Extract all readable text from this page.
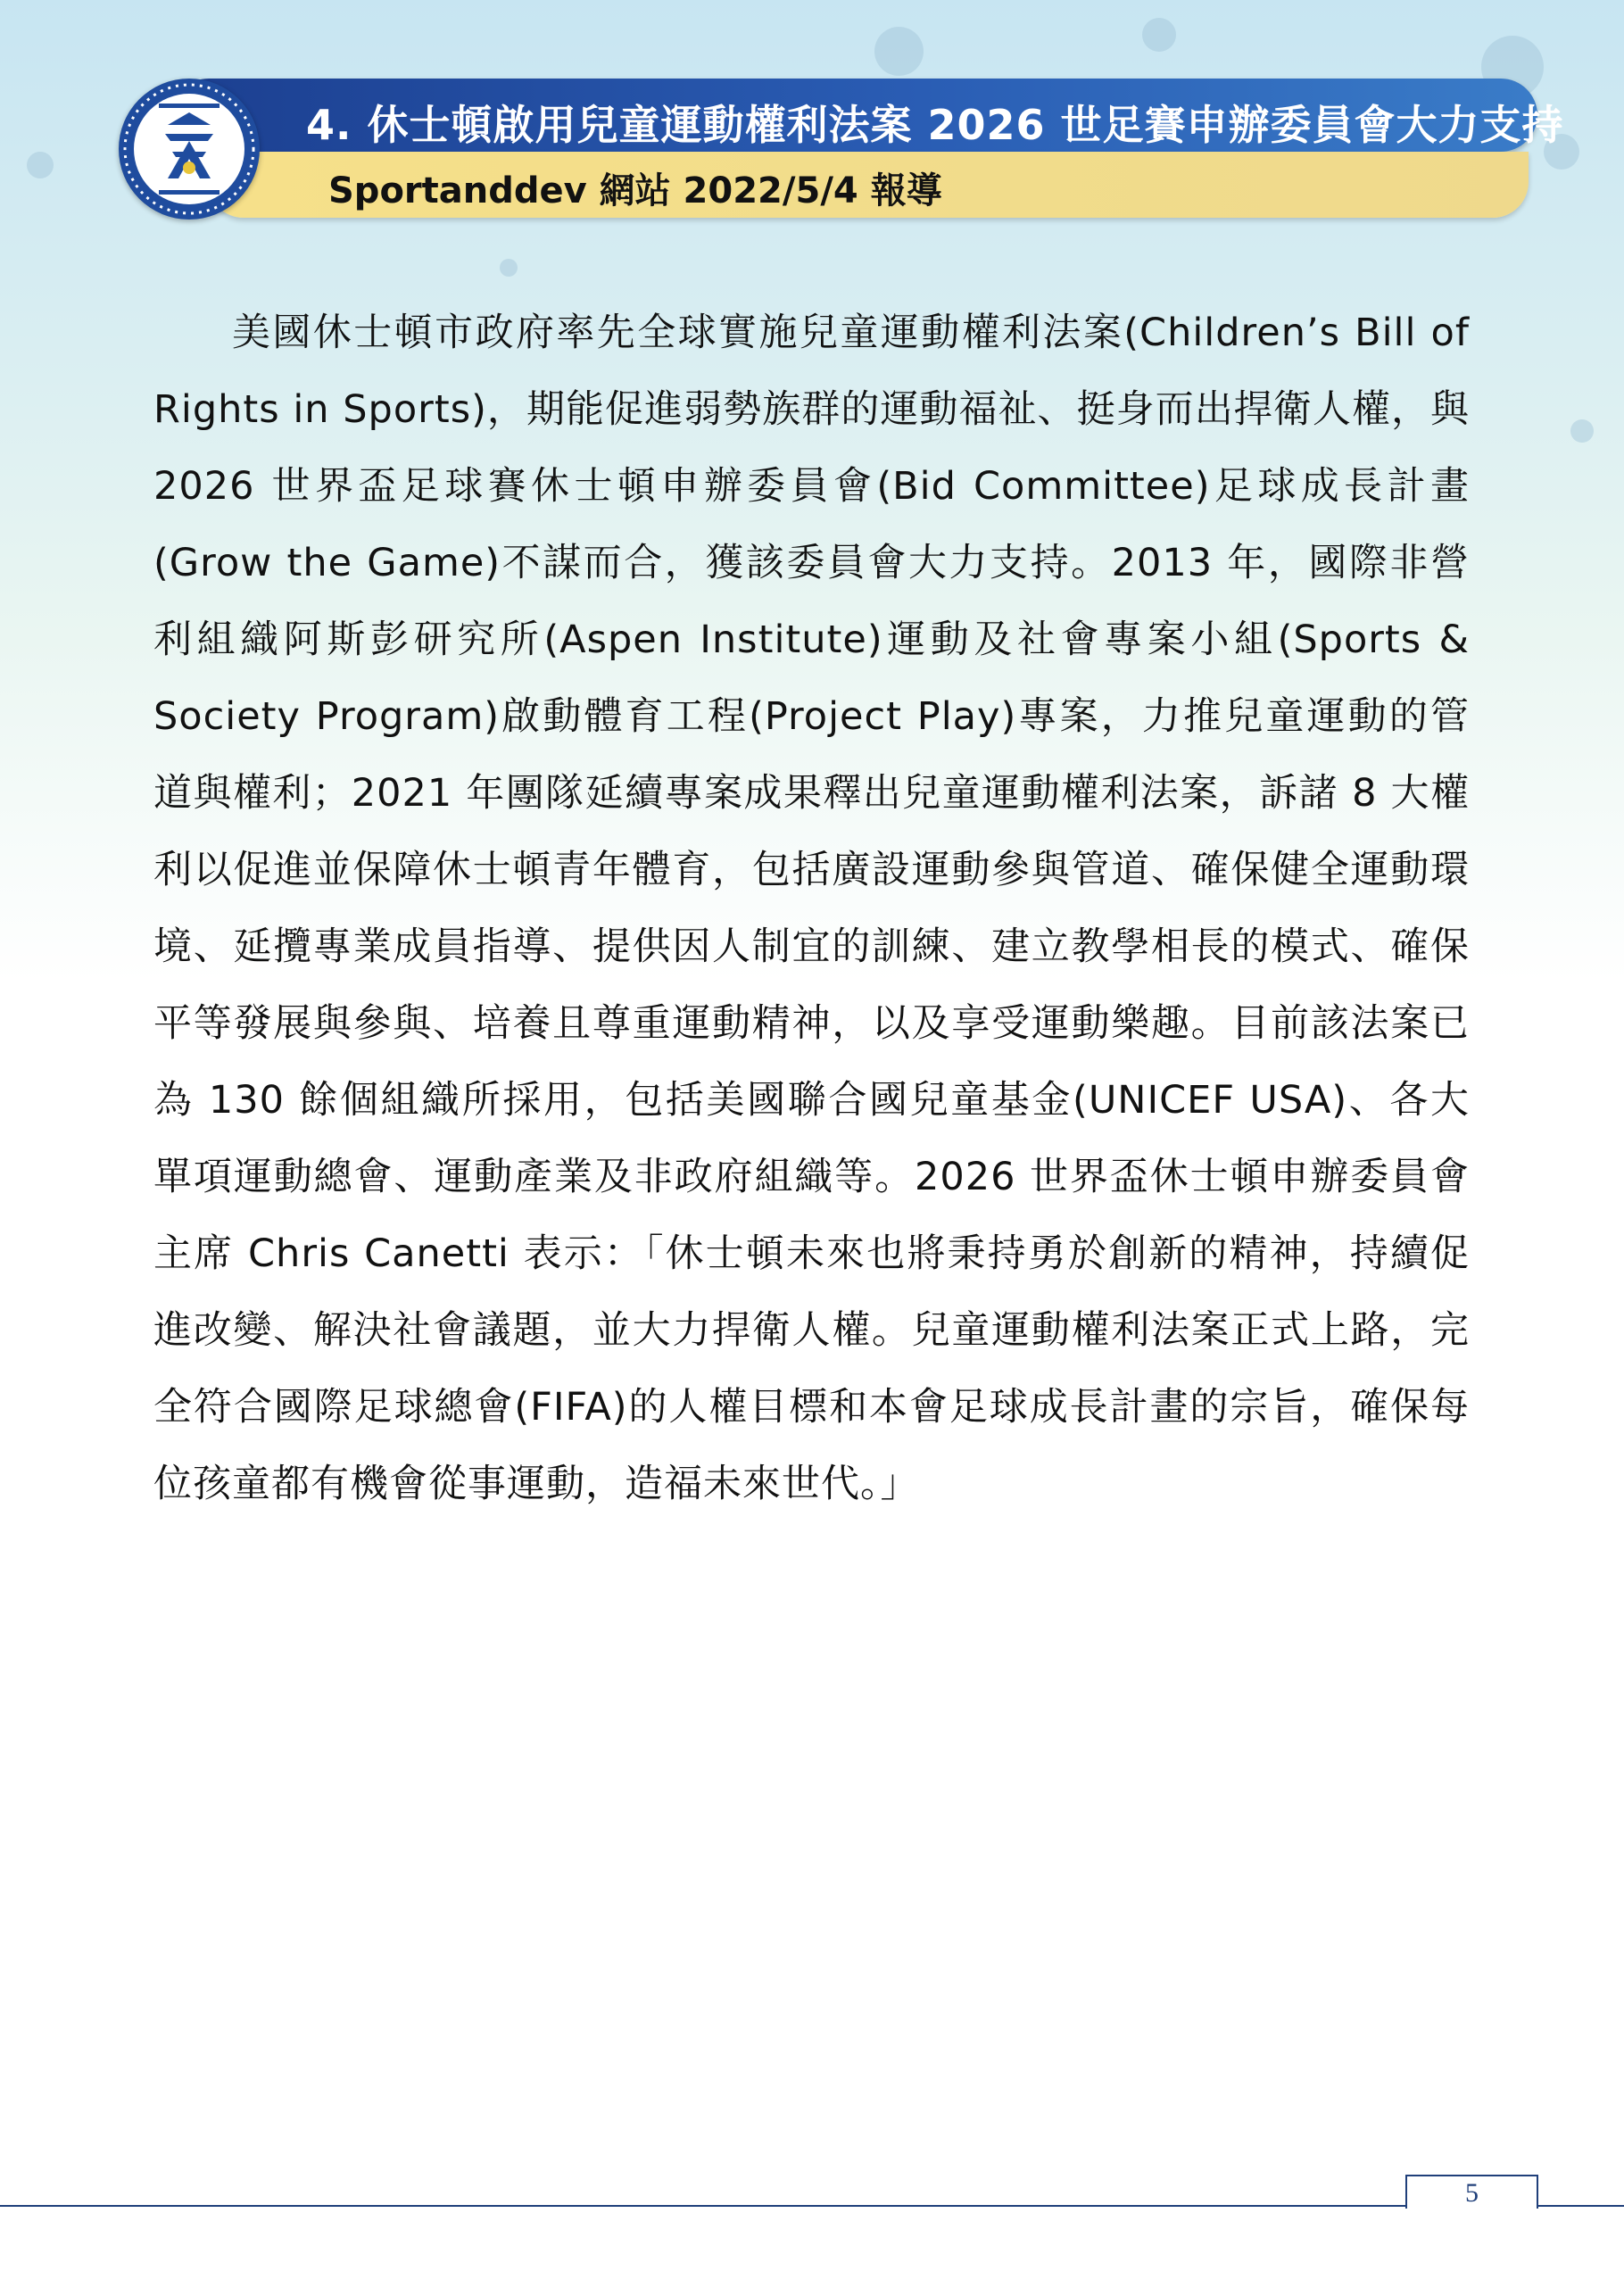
4. 休士頓啟用兒童運動權利法案 2026 世足賽申辦委員會大力支持
Sportanddev 網站 2022/5/4 報導

美國休士頓市政府率先全球實施兒童運動權利法案(Children’s Bill of Rights in Sports)，期能促進弱勢族群的運動福祉、挺身而出捍衛人權，與 2026 世界盃足球賽休士頓申辦委員會(Bid Committee)足球成長計畫(Grow the Game)不謀而合，獲該委員會大力支持。2013 年，國際非營利組織阿斯彭研究所(Aspen Institute)運動及社會專案小組(Sports & Society Program)啟動體育工程(Project Play)專案，力推兒童運動的管道與權利；2021 年團隊延續專案成果釋出兒童運動權利法案，訴諸 8 大權利以促進並保障休士頓青年體育，包括廣設運動參與管道、確保健全運動環境、延攬專業成員指導、提供因人制宜的訓練、建立教學相長的模式、確保平等發展與參與、培養且尊重運動精神，以及享受運動樂趣。目前該法案已為 130 餘個組織所採用，包括美國聯合國兒童基金(UNICEF USA)、各大單項運動總會、運動產業及非政府組織等。2026 世界盃休士頓申辦委員會主席 Chris Canetti 表示：「休士頓未來也將秉持勇於創新的精神，持續促進改變、解決社會議題，並大力捍衛人權。兒童運動權利法案正式上路，完全符合國際足球總會(FIFA)的人權目標和本會足球成長計畫的宗旨，確保每位孩童都有機會從事運動，造福未來世代。」

5
